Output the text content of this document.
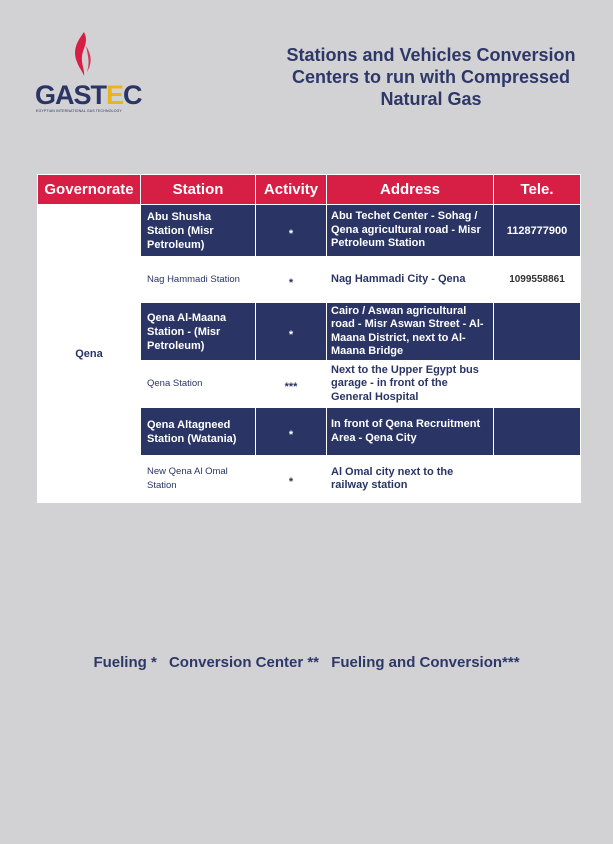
GASTEC
EGYPTIAN INTERNATIONAL GAS TECHNOLOGY
Stations and Vehicles Conversion
Centers to run with Compressed
Natural Gas
Governorate	Station	Activity	Address	Tele.
Qena	Abu Shusha Station (Misr Petroleum)	*	Abu Techet Center - Sohag / Qena agricultural road - Misr Petroleum Station	1128777900
	Nag Hammadi Station	*	Nag Hammadi City - Qena	1099558861
	Qena Al-Maana Station - (Misr Petroleum)	*	Cairo / Aswan agricultural road - Misr Aswan Street - Al- Maana District, next to Al- Maana Bridge	
	Qena Station	***	Next to the Upper Egypt bus garage - in front of the General Hospital	
	Qena Altagneed Station (Watania)	*	In front of Qena Recruitment Area - Qena City	
	New Qena Al Omal Station	*	Al Omal city next to the railway station	
Fueling * Conversion Center ** Fueling and Conversion***
